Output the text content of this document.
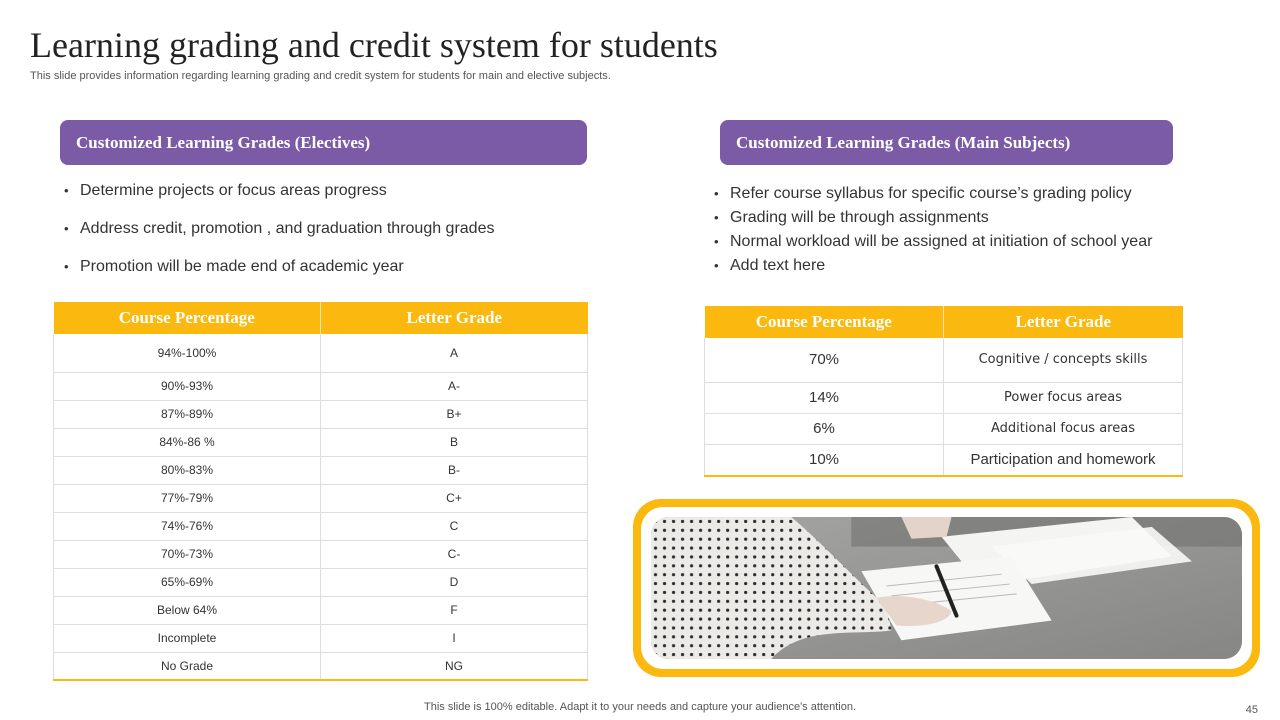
Learning grading and credit system for students

This slide provides information regarding learning grading and credit system for students for main and elective subjects.

Customized Learning Grades (Electives)
• Determine projects or focus areas progress
• Address credit, promotion , and graduation through grades
• Promotion will be made end of academic year
Course Percentage	Letter Grade
94%-100%	A
90%-93%	A-
87%-89%	B+
84%-86 %	B
80%-83%	B-
77%-79%	C+
74%-76%	C
70%-73%	C-
65%-69%	D
Below 64%	F
Incomplete	I
No Grade	NG
Customized Learning Grades (Main Subjects)
• Refer course syllabus for specific course’s grading policy
• Grading will be through assignments
• Normal workload will be assigned at initiation of school year
• Add text here
Course Percentage	Letter Grade
70%	Cognitive / concepts skills
14%	Power focus areas
6%	Additional focus areas
10%	Participation and homework
This slide is 100% editable. Adapt it to your needs and capture your audience's attention.	45
